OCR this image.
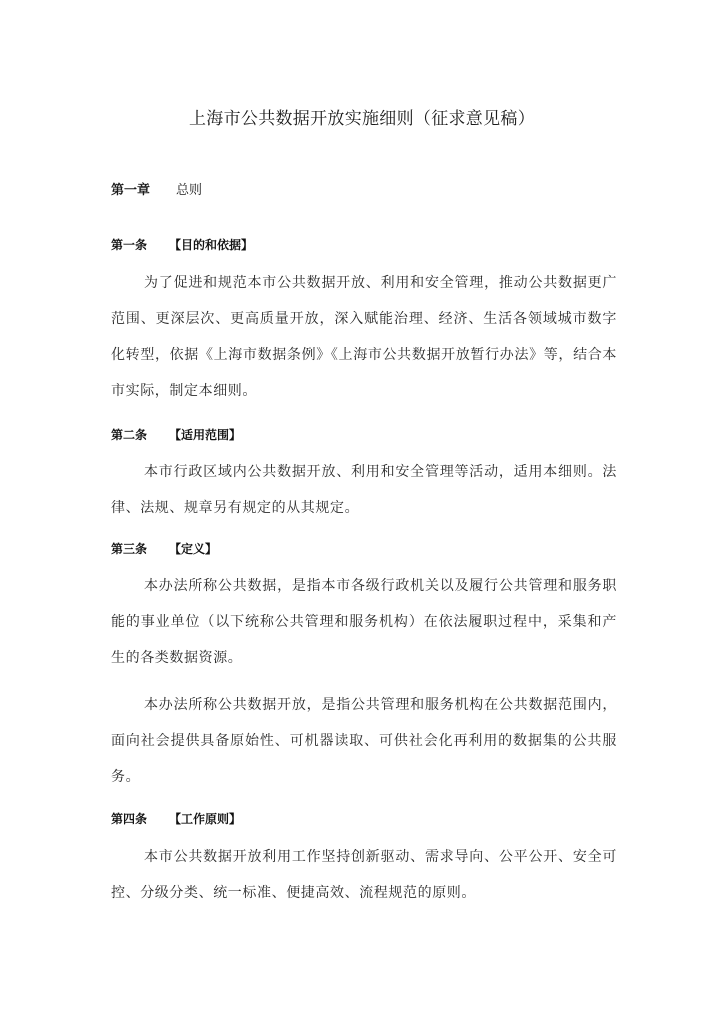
上海市公共数据开放实施细则（征求意见稿）
第一章 总则
第一条 【目的和依据】
为了促进和规范本市公共数据开放、利用和安全管理，推动公共数据更广范围、更深层次、更高质量开放，深入赋能治理、经济、生活各领域城市数字化转型，依据《上海市数据条例》《上海市公共数据开放暂行办法》等，结合本市实际，制定本细则。
第二条 【适用范围】
本市行政区域内公共数据开放、利用和安全管理等活动，适用本细则。法律、法规、规章另有规定的从其规定。
第三条 【定义】
本办法所称公共数据，是指本市各级行政机关以及履行公共管理和服务职能的事业单位（以下统称公共管理和服务机构）在依法履职过程中，采集和产生的各类数据资源。
本办法所称公共数据开放，是指公共管理和服务机构在公共数据范围内，面向社会提供具备原始性、可机器读取、可供社会化再利用的数据集的公共服务。
第四条 【工作原则】
本市公共数据开放利用工作坚持创新驱动、需求导向、公平公开、安全可控、分级分类、统一标准、便捷高效、流程规范的原则。
